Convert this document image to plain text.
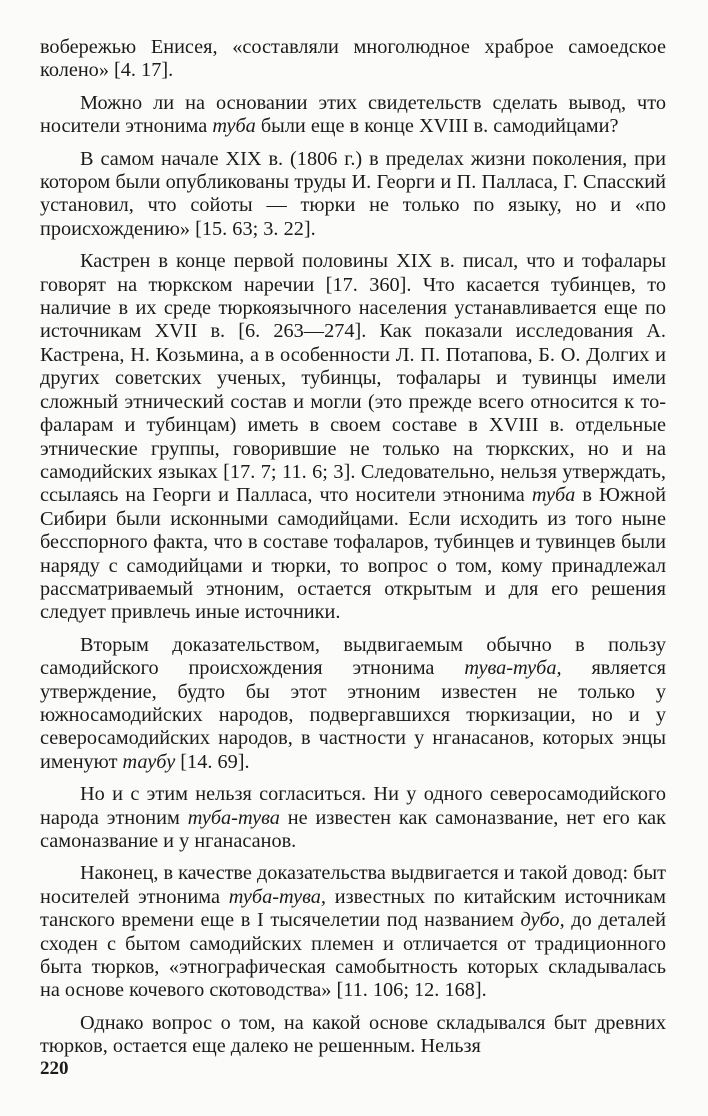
вобережью Енисея, «составляли многолюдное храброе самоедское колено» [4. 17].

Можно ли на основании этих свидетельств сделать вывод, что носители этнонима туба были еще в конце XVIII в. самодийцами?

В самом начале XIX в. (1806 г.) в пределах жизни поколения, при котором были опубликованы труды И. Георги и П. Палласа, Г. Спасский установил, что сойоты — тюрки не только по языку, но и «по происхождению» [15. 63; 3. 22].

Кастрен в конце первой половины XIX в. писал, что и тофалары говорят на тюркском наречии [17. 360]. Что касается тубинцев, то наличие в их среде тюркоязычного населения устанавливается еще по источникам XVII в. [6. 263—274]. Как показали исследования А. Кастрена, Н. Козьмина, а в особенности Л. П. Потапова, Б. О. Долгих и других советских ученых, тубинцы, тофалары и тувинцы имели сложный этнический состав и могли (это прежде всего относится к тофаларам и тубинцам) иметь в своем составе в XVIII в. отдельные этнические группы, говорившие не только на тюркских, но и на самодийских языках [17. 7; 11. 6; 3]. Следовательно, нельзя утверждать, ссылаясь на Георги и Палласа, что носители этнонима туба в Южной Сибири были исконными самодийцами. Если исходить из того ныне бесспорного факта, что в составе тофаларов, тубинцев и тувинцев были наряду с самодийцами и тюрки, то вопрос о том, кому принадлежал рассматриваемый этноним, остается открытым и для его решения следует привлечь иные источники.

Вторым доказательством, выдвигаемым обычно в пользу самодийского происхождения этнонима тува-туба, является утверждение, будто бы этот этноним известен не только у южносамодийских народов, подвергавшихся тюркизации, но и у северосамодийских народов, в частности у нганасанов, которых энцы именуют таубу [14. 69].

Но и с этим нельзя согласиться. Ни у одного северосамодийского народа этноним туба-тува не известен как самоназвание, нет его как самоназвание и у нганасанов.

Наконец, в качестве доказательства выдвигается и такой довод: быт носителей этнонима туба-тува, известных по китайским источникам танского времени еще в I тысячелетии под названием дубо, до деталей сходен с бытом самодийских племен и отличается от традиционного быта тюрков, «этнографическая самобытность которых складывалась на основе кочевого скотоводства» [11. 106; 12. 168].

Однако вопрос о том, на какой основе складывался быт древних тюрков, остается еще далеко не решенным. Нельзя

220
